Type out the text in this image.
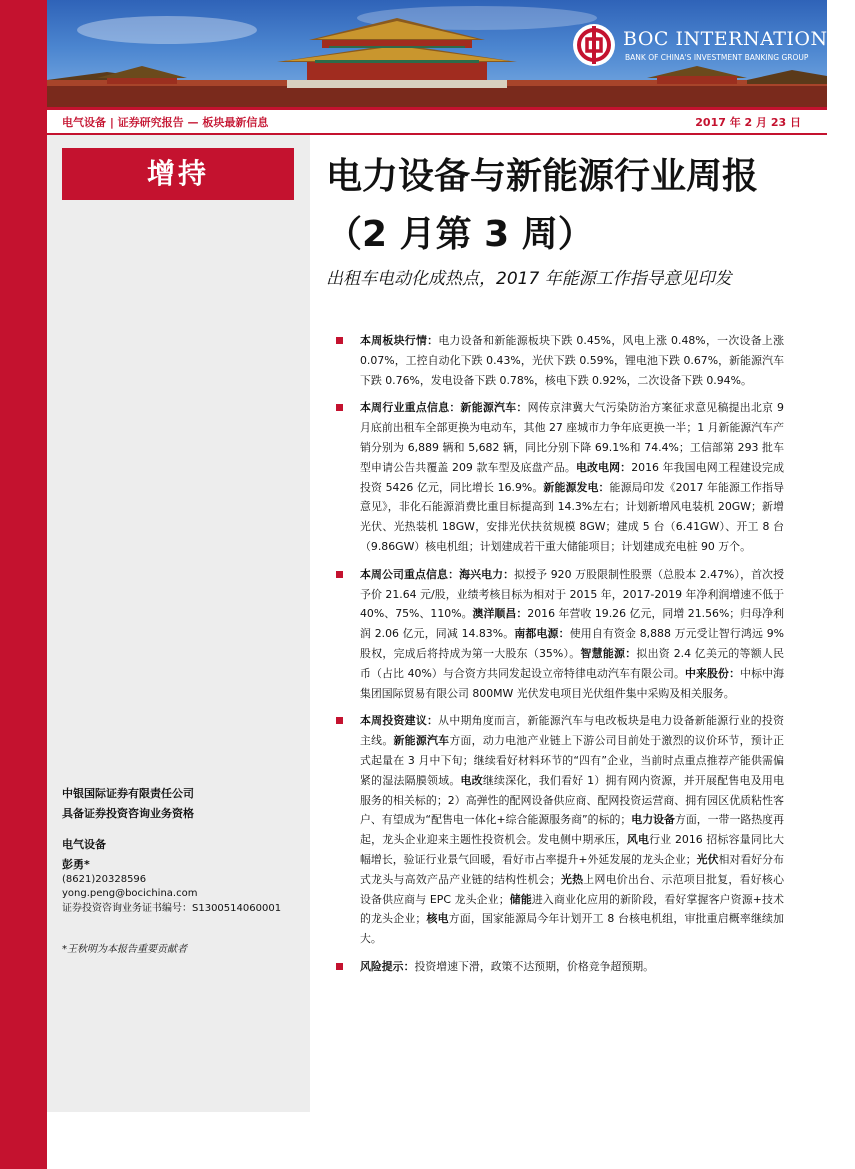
BOC INTERNATIONAL
BANK OF CHINA'S INVESTMENT BANKING GROUP
电气设备 | 证券研究报告 — 板块最新信息	2017 年 2 月 23 日
增持
中银国际证券有限责任公司
具备证券投资咨询业务资格
电气设备
彭勇*
(8621)20328596
yong.peng@bocichina.com
证券投资咨询业务证书编号：S1300514060001
*王秋明为本报告重要贡献者
电力设备与新能源行业周报（2 月第 3 周）
出租车电动化成热点，2017 年能源工作指导意见印发
本周板块行情：电力设备和新能源板块下跌 0.45%，风电上涨 0.48%，一次设备上涨 0.07%，工控自动化下跌 0.43%，光伏下跌 0.59%，锂电池下跌 0.67%，新能源汽车下跌 0.76%，发电设备下跌 0.78%，核电下跌 0.92%，二次设备下跌 0.94%。
本周行业重点信息：新能源汽车：网传京津冀大气污染防治方案征求意见稿提出北京 9 月底前出租车全部更换为电动车，其他 27 座城市力争年底更换一半；1 月新能源汽车产销分别为 6,889 辆和 5,682 辆，同比分别下降 69.1%和 74.4%；工信部第 293 批车型申请公告共覆盖 209 款车型及底盘产品。电改电网：2016 年我国电网工程建设完成投资 5426 亿元，同比增长 16.9%。新能源发电：能源局印发《2017 年能源工作指导意见》，非化石能源消费比重目标提高到 14.3%左右；计划新增风电装机 20GW；新增光伏、光热装机 18GW，安排光伏扶贫规模 8GW；建成 5 台（6.41GW）、开工 8 台（9.86GW）核电机组；计划建成若干重大储能项目；计划建成充电桩 90 万个。
本周公司重点信息：海兴电力：拟授予 920 万股限制性股票（总股本 2.47%），首次授予价 21.64 元/股，业绩考核目标为相对于 2015 年，2017-2019 年净利润增速不低于 40%、75%、110%。澳洋顺昌：2016 年营收 19.26 亿元，同增 21.56%；归母净利润 2.06 亿元，同减 14.83%。南都电源：使用自有资金 8,888 万元受让智行鸿远 9%股权，完成后将持成为第一大股东（35%）。智慧能源：拟出资 2.4 亿美元的等额人民币（占比 40%）与合资方共同发起设立帝特律电动汽车有限公司。中来股份：中标中海集团国际贸易有限公司 800MW 光伏发电项目光伏组件集中采购及相关服务。
本周投资建议：从中期角度而言，新能源汽车与电改板块是电力设备新能源行业的投资主线。新能源汽车方面，动力电池产业链上下游公司目前处于激烈的议价环节，预计正式起量在 3 月中下旬；继续看好材料环节的“四有”企业，当前时点重点推荐产能供需偏紧的湿法隔膜领域。电改继续深化，我们看好 1）拥有网内资源，并开展配售电及用电服务的相关标的；2）高弹性的配网设备供应商、配网投资运营商、拥有园区优质粘性客户、有望成为“配售电一体化+综合能源服务商”的标的；电力设备方面，一带一路热度再起，龙头企业迎来主题性投资机会。发电侧中期承压，风电行业 2016 招标容量同比大幅增长，验证行业景气回暖，看好市占率提升+外延发展的龙头企业；光伏相对看好分布式龙头与高效产品产业链的结构性机会；光热上网电价出台、示范项目批复，看好核心设备供应商与 EPC 龙头企业；储能进入商业化应用的新阶段，看好掌握客户资源+技术的龙头企业；核电方面，国家能源局今年计划开工 8 台核电机组，审批重启概率继续加大。
风险提示：投资增速下滑，政策不达预期，价格竞争超预期。
